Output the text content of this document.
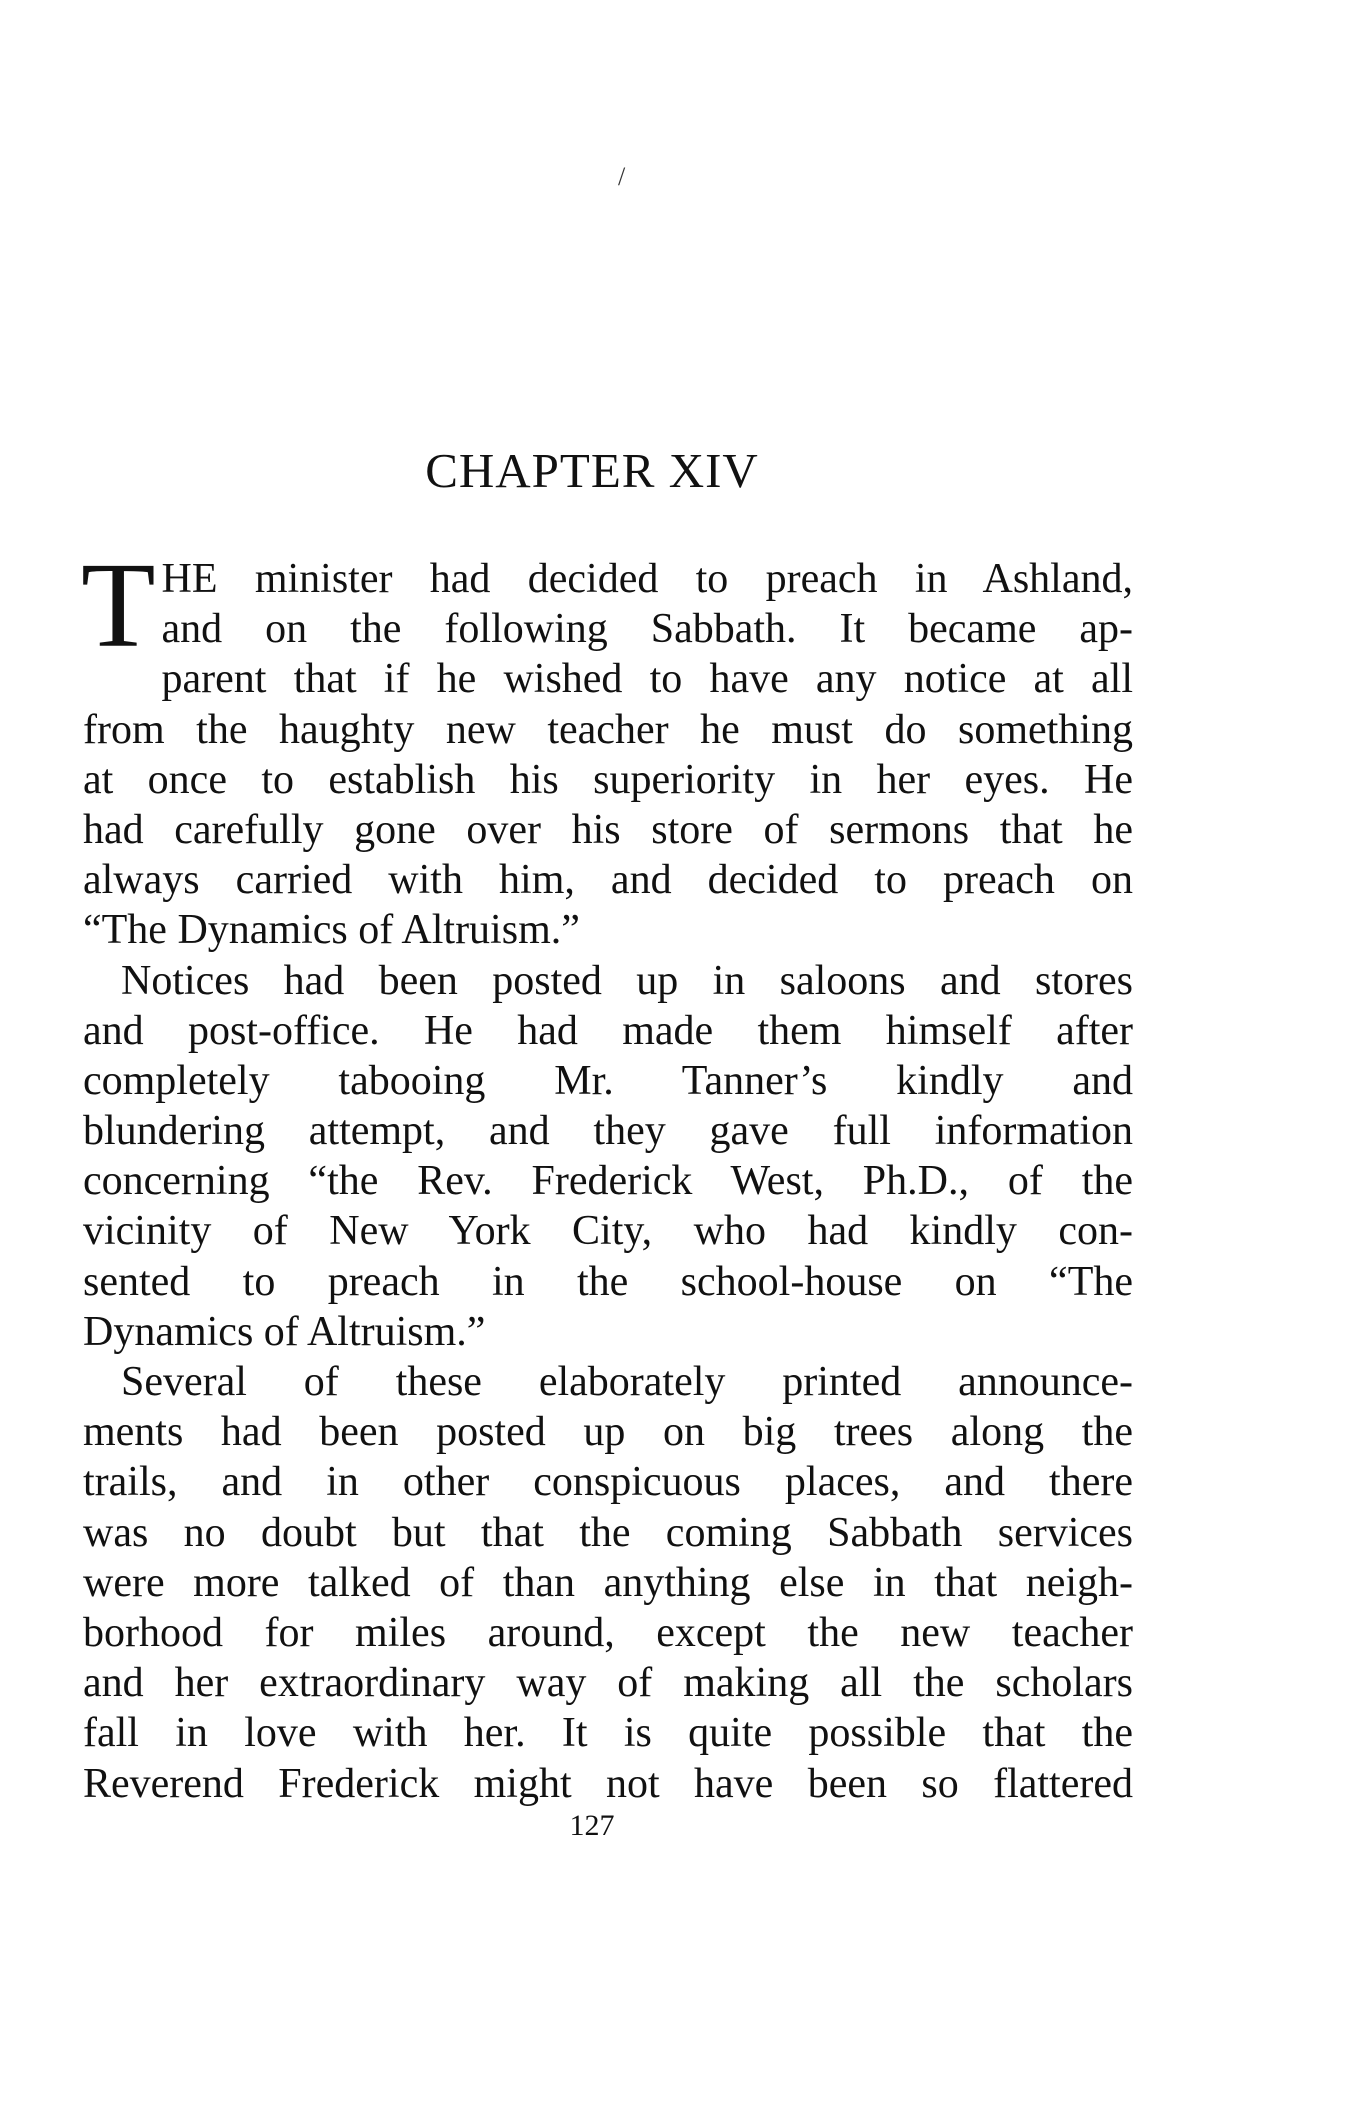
/
CHAPTER XIV
T HE minister had decided to preach in Ashland,
and on the following Sabbath. It became ap-
parent that if he wished to have any notice at all
from the haughty new teacher he must do something
at once to establish his superiority in her eyes. He
had carefully gone over his store of sermons that he
always carried with him, and decided to preach on
“The Dynamics of Altruism.”
Notices had been posted up in saloons and stores
and post-office. He had made them himself after
completely tabooing Mr. Tanner’s kindly and
blundering attempt, and they gave full information
concerning “the Rev. Frederick West, Ph.D., of the
vicinity of New York City, who had kindly con-
sented to preach in the school-house on “The
Dynamics of Altruism.”
Several of these elaborately printed announce-
ments had been posted up on big trees along the
trails, and in other conspicuous places, and there
was no doubt but that the coming Sabbath services
were more talked of than anything else in that neigh-
borhood for miles around, except the new teacher
and her extraordinary way of making all the scholars
fall in love with her. It is quite possible that the
Reverend Frederick might not have been so flattered
127
